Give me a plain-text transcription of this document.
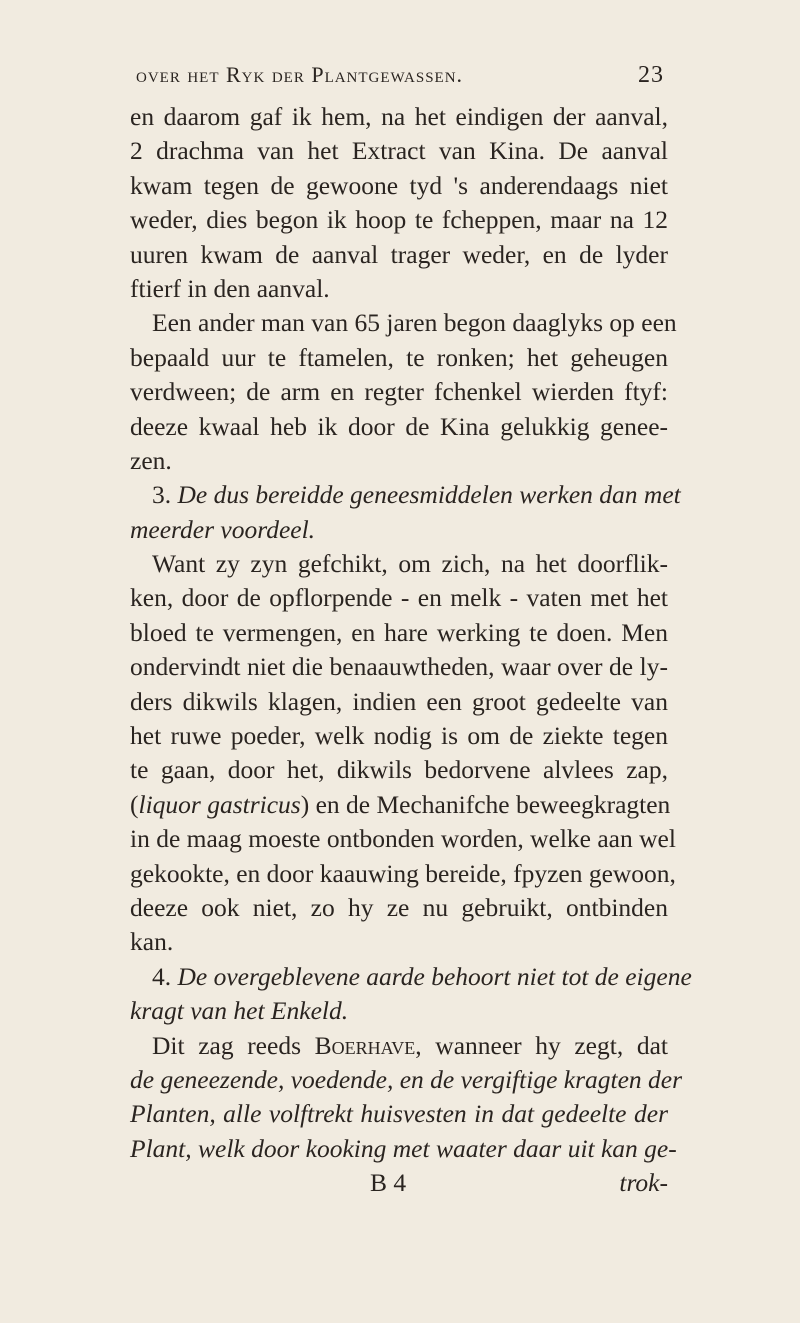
over het Ryk der Plantgewassen.	23
en daarom gaf ik hem, na het eindigen der aanval,
2 drachma van het Extract van Kina. De aanval
kwam tegen de gewoone tyd 's anderendaags niet
weder, dies begon ik hoop te fcheppen, maar na 12
uuren kwam de aanval trager weder, en de lyder
ftierf in den aanval.
Een ander man van 65 jaren begon daaglyks op een
bepaald uur te ftamelen, te ronken; het geheugen
verdween; de arm en regter fchenkel wierden ftyf:
deeze kwaal heb ik door de Kina gelukkig genee-
zen.
3. De dus bereidde geneesmiddelen werken dan met
meerder voordeel.
Want zy zyn gefchikt, om zich, na het doorflik-
ken, door de opflorpende - en melk - vaten met het
bloed te vermengen, en hare werking te doen. Men
ondervindt niet die benaauwtheden, waar over de ly-
ders dikwils klagen, indien een groot gedeelte van
het ruwe poeder, welk nodig is om de ziekte tegen
te gaan, door het, dikwils bedorvene alvlees zap,
(liquor gastricus) en de Mechanifche beweegkragten
in de maag moeste ontbonden worden, welke aan wel
gekookte, en door kaauwing bereide, fpyzen gewoon,
deeze ook niet, zo hy ze nu gebruikt, ontbinden
kan.
4. De overgeblevene aarde behoort niet tot de eigene
kragt van het Enkeld.
Dit zag reeds Boerhave, wanneer hy zegt, dat
de geneezende, voedende, en de vergiftige kragten der
Planten, alle volftrekt huisvesten in dat gedeelte der
Plant, welk door kooking met waater daar uit kan ge-
B 4	trok-
